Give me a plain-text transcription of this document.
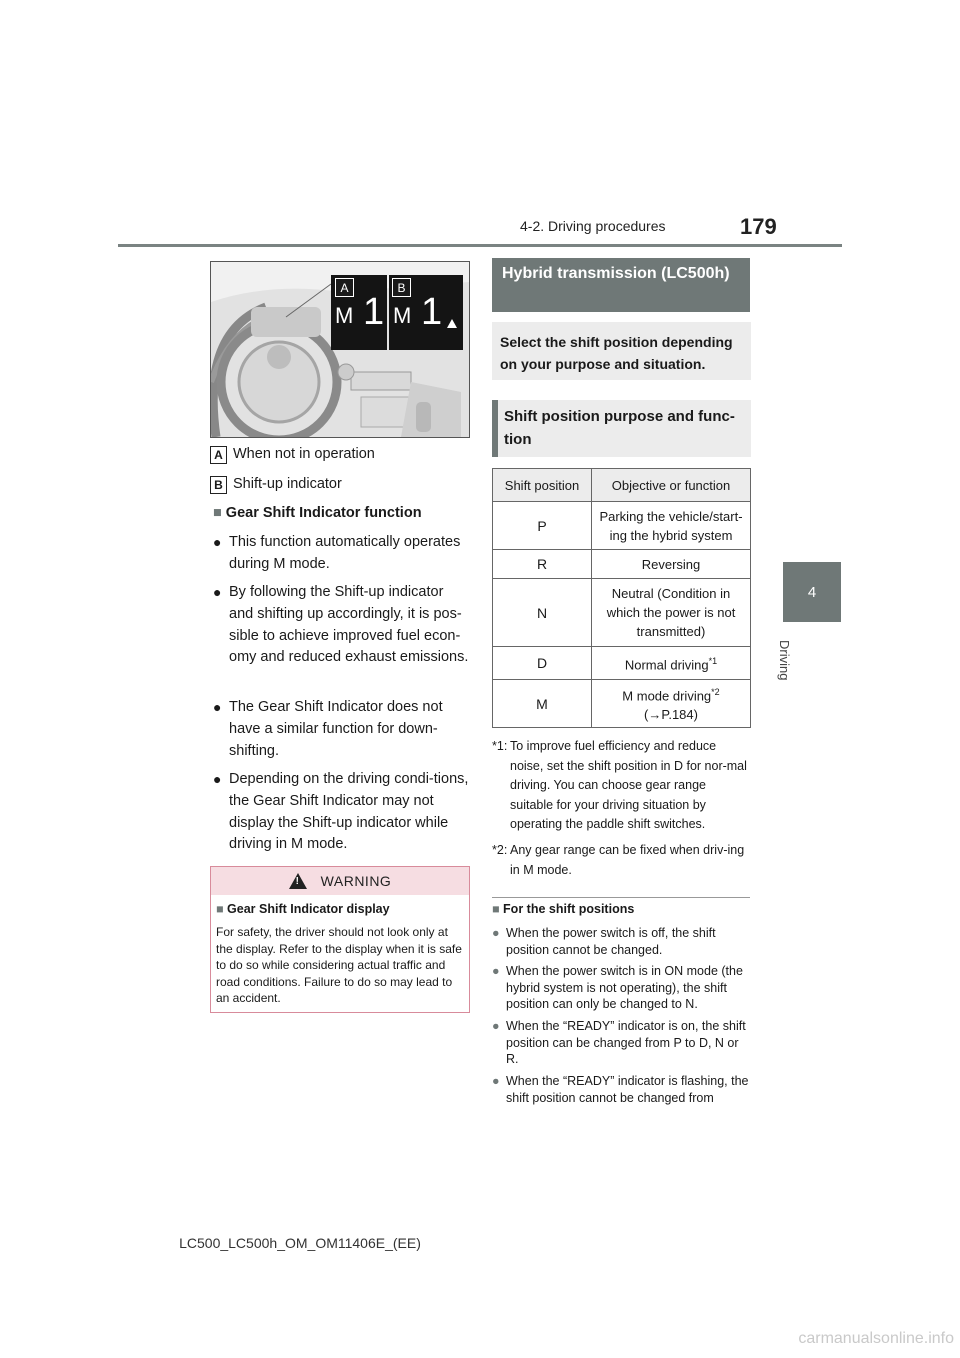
4-2. Driving procedures	179
4
Driving
M 1 M 1
A	B
A When not in operation
B Shift-up indicator
■ Gear Shift Indicator function
● This function automatically operates during M mode.
● By following the Shift-up indicator and shifting up accordingly, it is pos-sible to achieve improved fuel econ-omy and reduced exhaust emissions.
● The Gear Shift Indicator does not have a similar function for down-shifting.
● Depending on the driving condi-tions, the Gear Shift Indicator may not display the Shift-up indicator while driving in M mode.
!
WARNING
■ Gear Shift Indicator display
For safety, the driver should not look only at the display. Refer to the display when it is safe to do so while considering actual traffic and road conditions. Failure to do so may lead to an accident.
Hybrid transmission (LC500h)
Select the shift position depending on your purpose and situation.
Shift position purpose and func-tion
Shift position	Objective or function
P	Parking the vehicle/start-ing the hybrid system
R	Reversing
N	Neutral (Condition in which the power is not transmitted)
D	Normal driving$^{*1}$
M	M mode driving$^{*2}$
(→P.184)
*1: To improve fuel efficiency and reduce noise, set the shift position in D for nor-mal driving. You can choose gear range suitable for your driving situation by operating the paddle shift switches.
*2: Any gear range can be fixed when driv-ing in M mode.
■ For the shift positions
● When the power switch is off, the shift position cannot be changed.
● When the power switch is in ON mode (the hybrid system is not operating), the shift position can only be changed to N.
● When the “READY” indicator is on, the shift position can be changed from P to D, N or R.
● When the “READY” indicator is flashing, the shift position cannot be changed from
LC500_LC500h_OM_OM11406E_(EE)
carmanualsonline.info
